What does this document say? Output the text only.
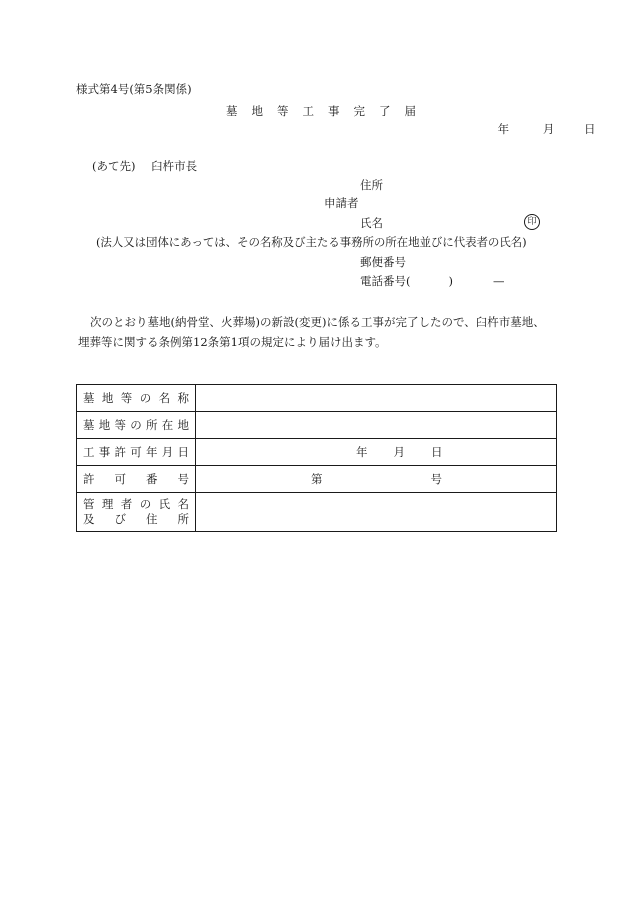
様式第4号(第5条関係)
墓地等工事完了届
年	月	日
(あて先) 臼杵市長
住所
申請者
氏名	印
(法人又は団体にあっては、その名称及び主たる事務所の所在地並びに代表者の氏名)
郵便番号
電話番号(	)	—
次のとおり墓地(納骨堂、火葬場)の新設(変更)に係る工事が完了したので、臼杵市墓地、
埋葬等に関する条例第12条第1項の規定により届け出ます。
墓地等の名称	

墓地等の所在地	

工事許可年月日	年 月 日

許可番号	第 号

管理者の氏名
及び住所	
